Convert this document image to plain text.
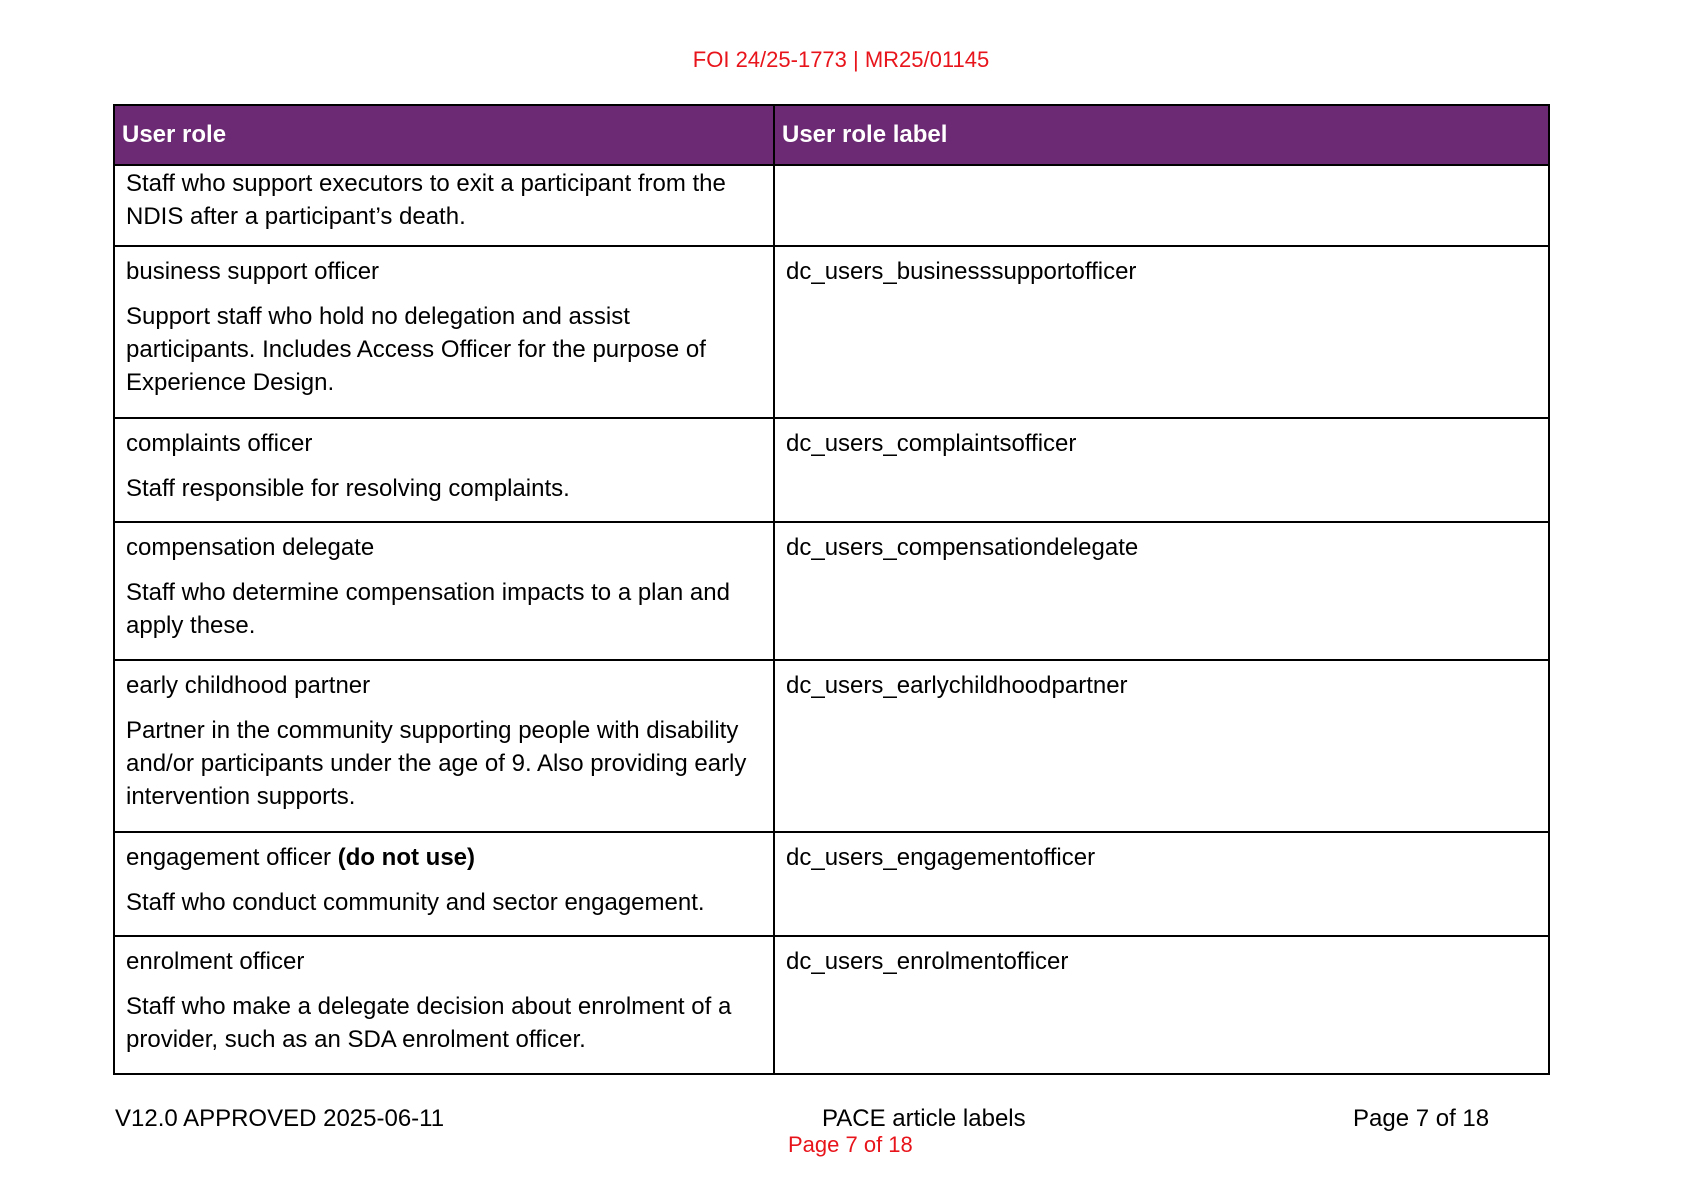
FOI 24/25-1773 | MR25/01145
User role	User role label

Staff who support executors to exit a participant from the NDIS after a participant’s death.	

business support officer

Support staff who hold no delegation and assist participants. Includes Access Officer for the purpose of Experience Design.	dc_users_businesssupportofficer

complaints officer

Staff responsible for resolving complaints.	dc_users_complaintsofficer

compensation delegate

Staff who determine compensation impacts to a plan and apply these.	dc_users_compensationdelegate

early childhood partner

Partner in the community supporting people with disability and/or participants under the age of 9. Also providing early intervention supports.	dc_users_earlychildhoodpartner

engagement officer (do not use)

Staff who conduct community and sector engagement.	dc_users_engagementofficer

enrolment officer

Staff who make a delegate decision about enrolment of a provider, such as an SDA enrolment officer.	dc_users_enrolmentofficer

V12.0 APPROVED 2025-06-11	PACE article labels	Page 7 of 18
Page 7 of 18
